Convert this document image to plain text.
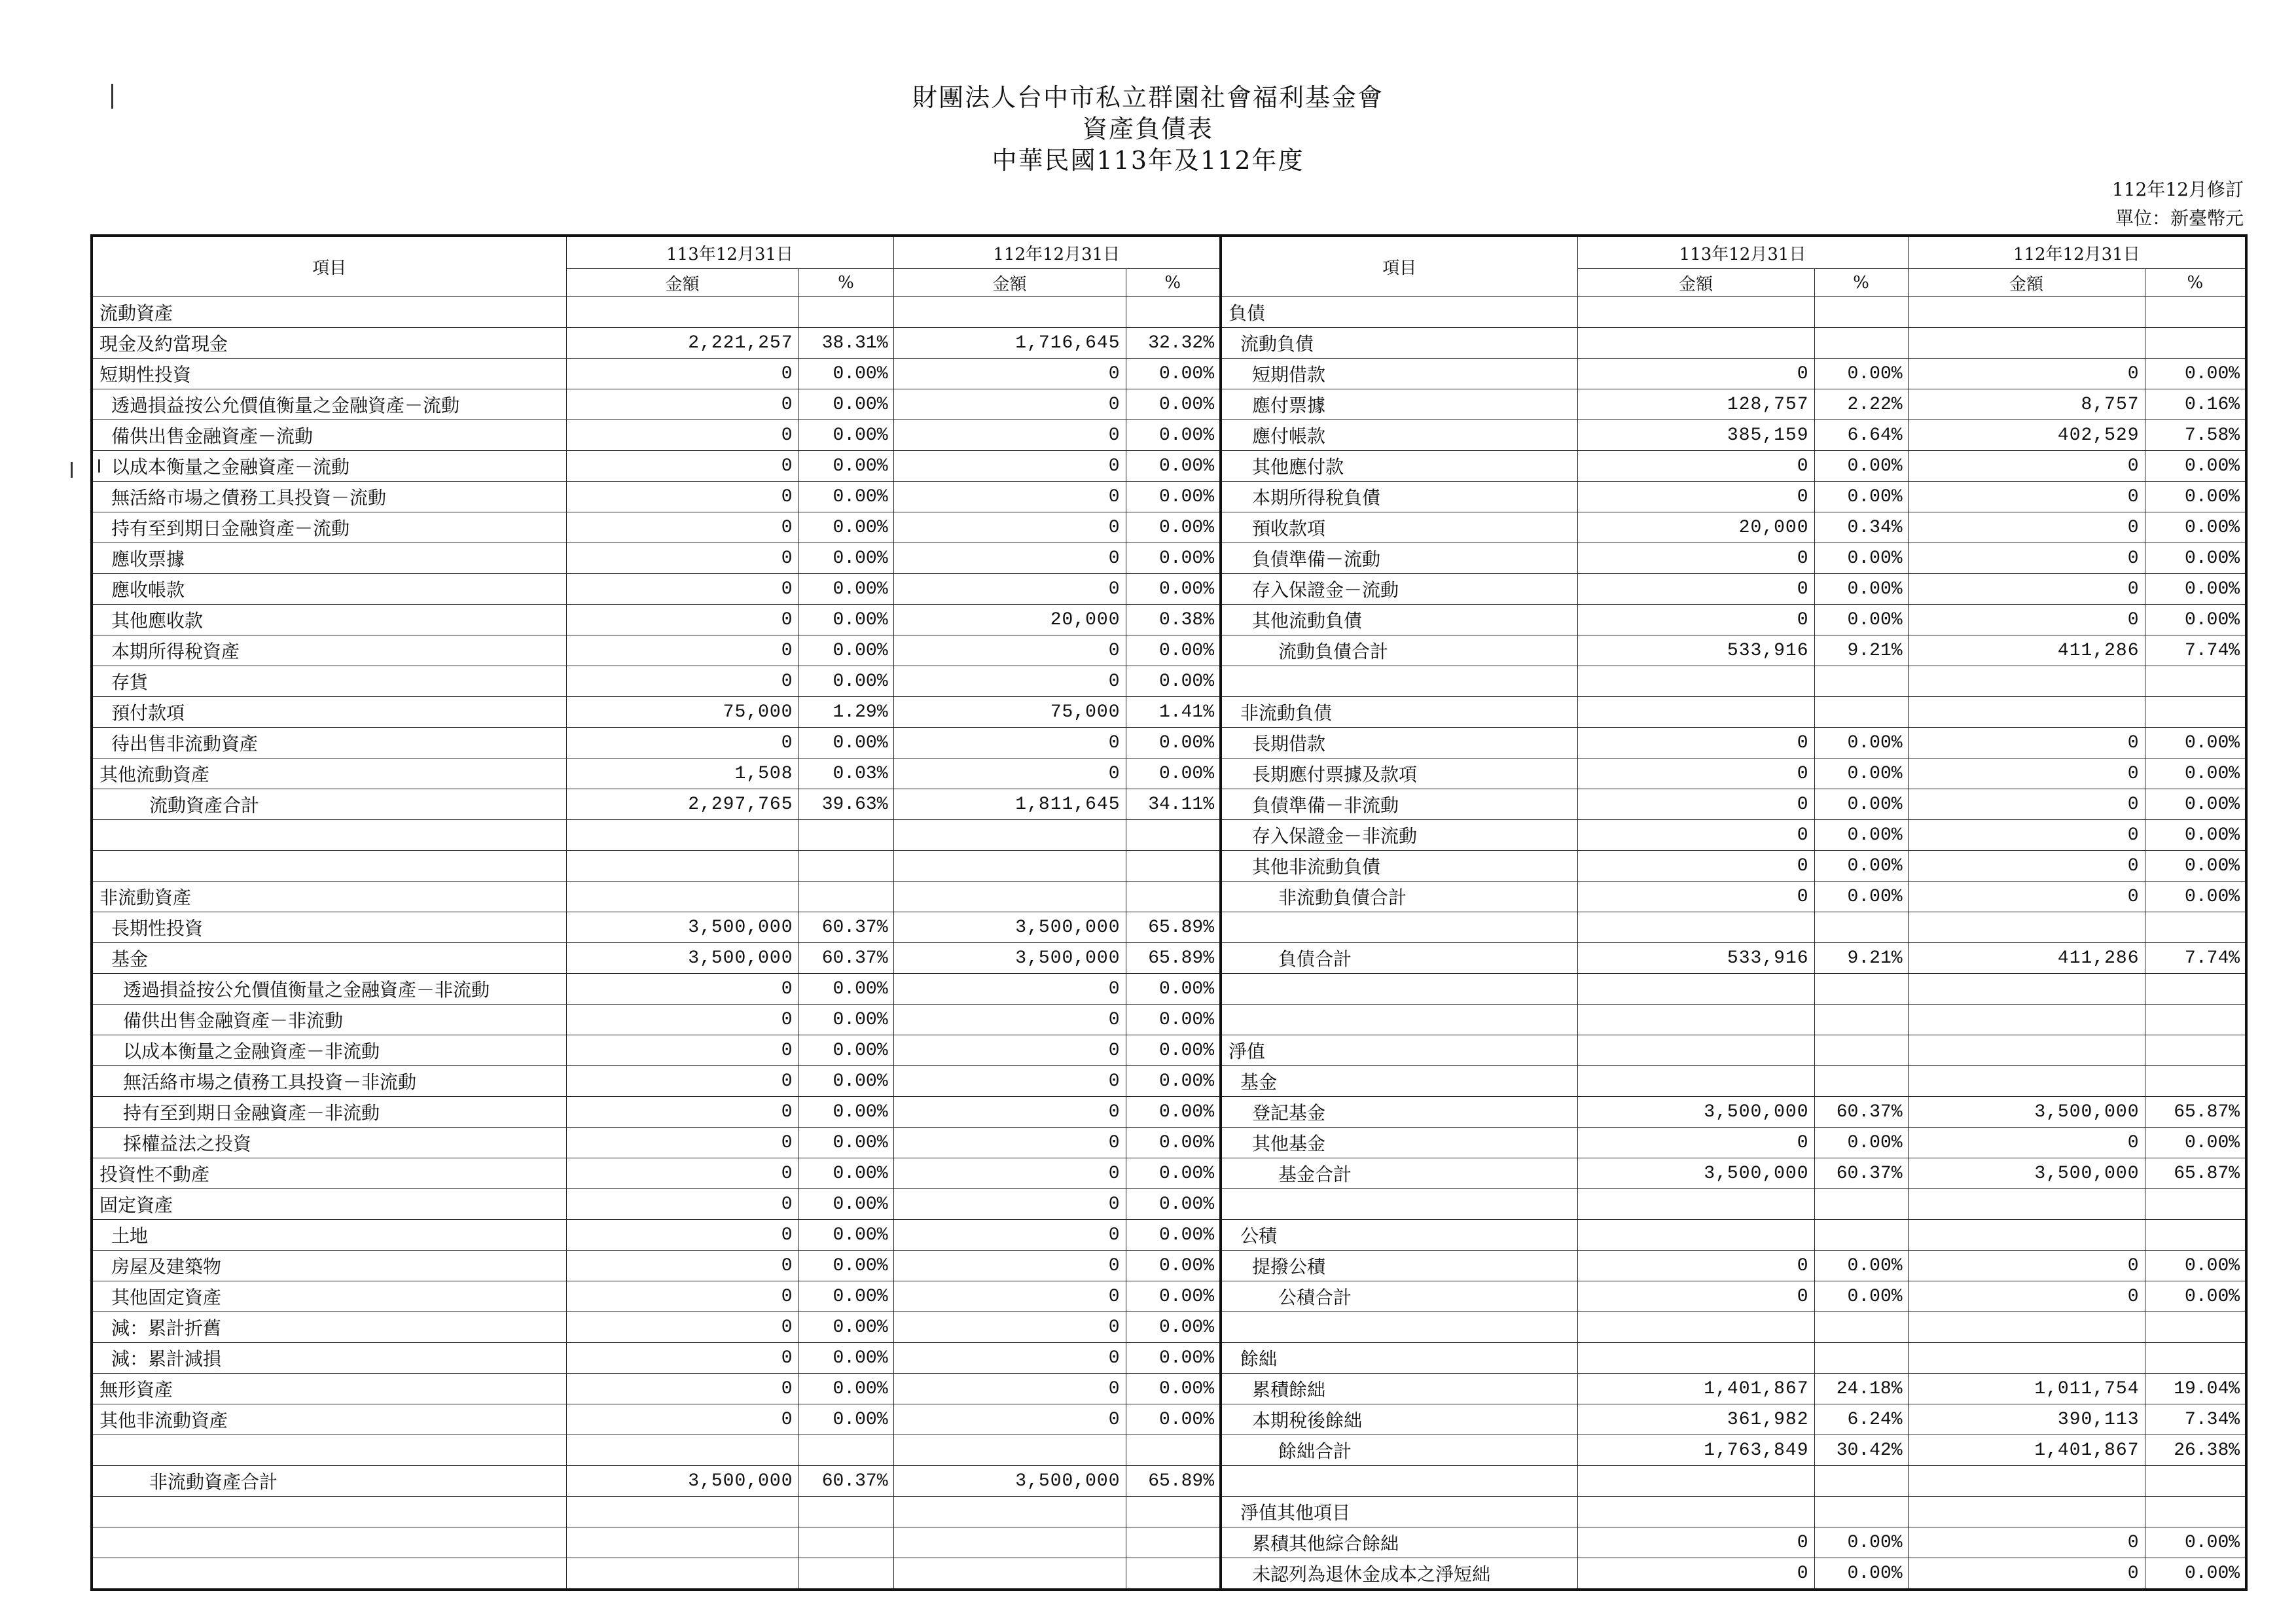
財團法人台中市私立群園社會福利基金會
資產負債表
中華民國113年及112年度
112年12月修訂
單位：新臺幣元
項目	113年12月31日		112年12月31日		項目	113年12月31日		112年12月31日	
	金額	%	金額	%		金額	%	金額	%
流動資產					負債				
現金及約當現金	2,221,257	38.31%	1,716,645	32.32%	流動負債				
短期性投資	0	0.00%	0	0.00%	短期借款	0	0.00%	0	0.00%
透過損益按公允價值衡量之金融資產－流動	0	0.00%	0	0.00%	應付票據	128,757	2.22%	8,757	0.16%
備供出售金融資產－流動	0	0.00%	0	0.00%	應付帳款	385,159	6.64%	402,529	7.58%
以成本衡量之金融資產－流動	0	0.00%	0	0.00%	其他應付款	0	0.00%	0	0.00%
無活絡市場之債務工具投資－流動	0	0.00%	0	0.00%	本期所得稅負債	0	0.00%	0	0.00%
持有至到期日金融資產－流動	0	0.00%	0	0.00%	預收款項	20,000	0.34%	0	0.00%
應收票據	0	0.00%	0	0.00%	負債準備－流動	0	0.00%	0	0.00%
應收帳款	0	0.00%	0	0.00%	存入保證金－流動	0	0.00%	0	0.00%
其他應收款	0	0.00%	20,000	0.38%	其他流動負債	0	0.00%	0	0.00%
本期所得稅資產	0	0.00%	0	0.00%	流動負債合計	533,916	9.21%	411,286	7.74%
存貨	0	0.00%	0	0.00%					
預付款項	75,000	1.29%	75,000	1.41%	非流動負債				
待出售非流動資產	0	0.00%	0	0.00%	長期借款	0	0.00%	0	0.00%
其他流動資產	1,508	0.03%	0	0.00%	長期應付票據及款項	0	0.00%	0	0.00%
流動資產合計	2,297,765	39.63%	1,811,645	34.11%	負債準備－非流動	0	0.00%	0	0.00%
					存入保證金－非流動	0	0.00%	0	0.00%
					其他非流動負債	0	0.00%	0	0.00%
非流動資產					非流動負債合計	0	0.00%	0	0.00%
長期性投資	3,500,000	60.37%	3,500,000	65.89%					
基金	3,500,000	60.37%	3,500,000	65.89%	負債合計	533,916	9.21%	411,286	7.74%
透過損益按公允價值衡量之金融資產－非流動	0	0.00%	0	0.00%					
備供出售金融資產－非流動	0	0.00%	0	0.00%					
以成本衡量之金融資產－非流動	0	0.00%	0	0.00%	淨值				
無活絡市場之債務工具投資－非流動	0	0.00%	0	0.00%	基金				
持有至到期日金融資產－非流動	0	0.00%	0	0.00%	登記基金	3,500,000	60.37%	3,500,000	65.87%
採權益法之投資	0	0.00%	0	0.00%	其他基金	0	0.00%	0	0.00%
投資性不動產	0	0.00%	0	0.00%	基金合計	3,500,000	60.37%	3,500,000	65.87%
固定資產	0	0.00%	0	0.00%					
土地	0	0.00%	0	0.00%	公積				
房屋及建築物	0	0.00%	0	0.00%	提撥公積	0	0.00%	0	0.00%
其他固定資產	0	0.00%	0	0.00%	公積合計	0	0.00%	0	0.00%
減：累計折舊	0	0.00%	0	0.00%					
減：累計減損	0	0.00%	0	0.00%	餘絀				
無形資產	0	0.00%	0	0.00%	累積餘絀	1,401,867	24.18%	1,011,754	19.04%
其他非流動資產	0	0.00%	0	0.00%	本期稅後餘絀	361,982	6.24%	390,113	7.34%
					餘絀合計	1,763,849	30.42%	1,401,867	26.38%
非流動資產合計	3,500,000	60.37%	3,500,000	65.89%					
					淨值其他項目				
					累積其他綜合餘絀	0	0.00%	0	0.00%
					未認列為退休金成本之淨短絀	0	0.00%	0	0.00%
